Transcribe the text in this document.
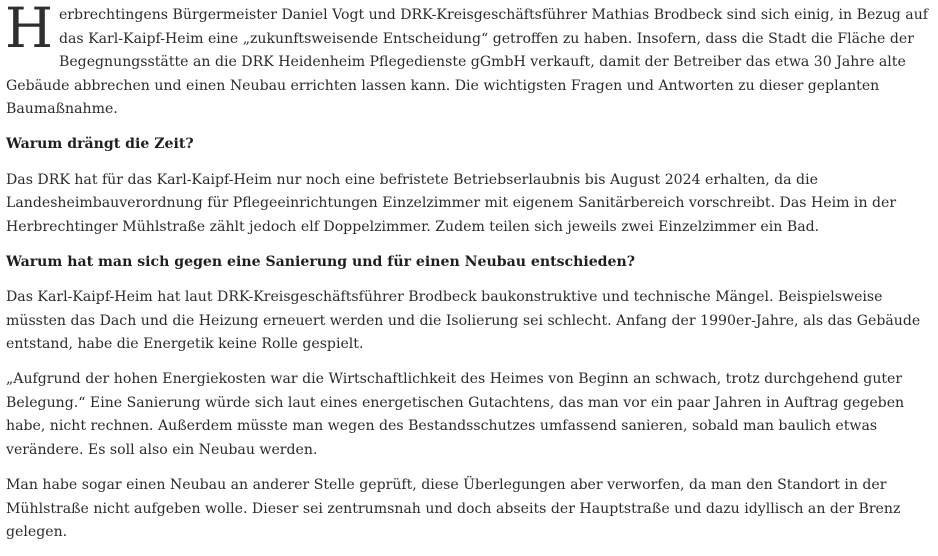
Herbrechtingens Bürgermeister Daniel Vogt und DRK-Kreisgeschäftsführer Mathias Brodbeck sind sich einig, in Bezug auf das Karl-Kaipf-Heim eine „zukunftsweisende Entscheidung“ getroffen zu haben. Insofern, dass die Stadt die Fläche der Begegnungsstätte an die DRK Heidenheim Pflegedienste gGmbH verkauft, damit der Betreiber das etwa 30 Jahre alte Gebäude abbrechen und einen Neubau errichten lassen kann. Die wichtigsten Fragen und Antworten zu dieser geplanten Baumaßnahme.

Warum drängt die Zeit?

Das DRK hat für das Karl-Kaipf-Heim nur noch eine befristete Betriebserlaubnis bis August 2024 erhalten, da die Landesheimbauverordnung für Pflegeeinrichtungen Einzelzimmer mit eigenem Sanitärbereich vorschreibt. Das Heim in der Herbrechtinger Mühlstraße zählt jedoch elf Doppelzimmer. Zudem teilen sich jeweils zwei Einzelzimmer ein Bad.

Warum hat man sich gegen eine Sanierung und für einen Neubau entschieden?

Das Karl-Kaipf-Heim hat laut DRK-Kreisgeschäftsführer Brodbeck baukonstruktive und technische Mängel. Beispielsweise müssten das Dach und die Heizung erneuert werden und die Isolierung sei schlecht. Anfang der 1990er-Jahre, als das Gebäude entstand, habe die Energetik keine Rolle gespielt.

„Aufgrund der hohen Energiekosten war die Wirtschaftlichkeit des Heimes von Beginn an schwach, trotz durchgehend guter Belegung.“ Eine Sanierung würde sich laut eines energetischen Gutachtens, das man vor ein paar Jahren in Auftrag gegeben habe, nicht rechnen. Außerdem müsste man wegen des Bestandsschutzes umfassend sanieren, sobald man baulich etwas verändere. Es soll also ein Neubau werden.

Man habe sogar einen Neubau an anderer Stelle geprüft, diese Überlegungen aber verworfen, da man den Standort in der Mühlstraße nicht aufgeben wolle. Dieser sei zentrumsnah und doch abseits der Hauptstraße und dazu idyllisch an der Brenz gelegen.
